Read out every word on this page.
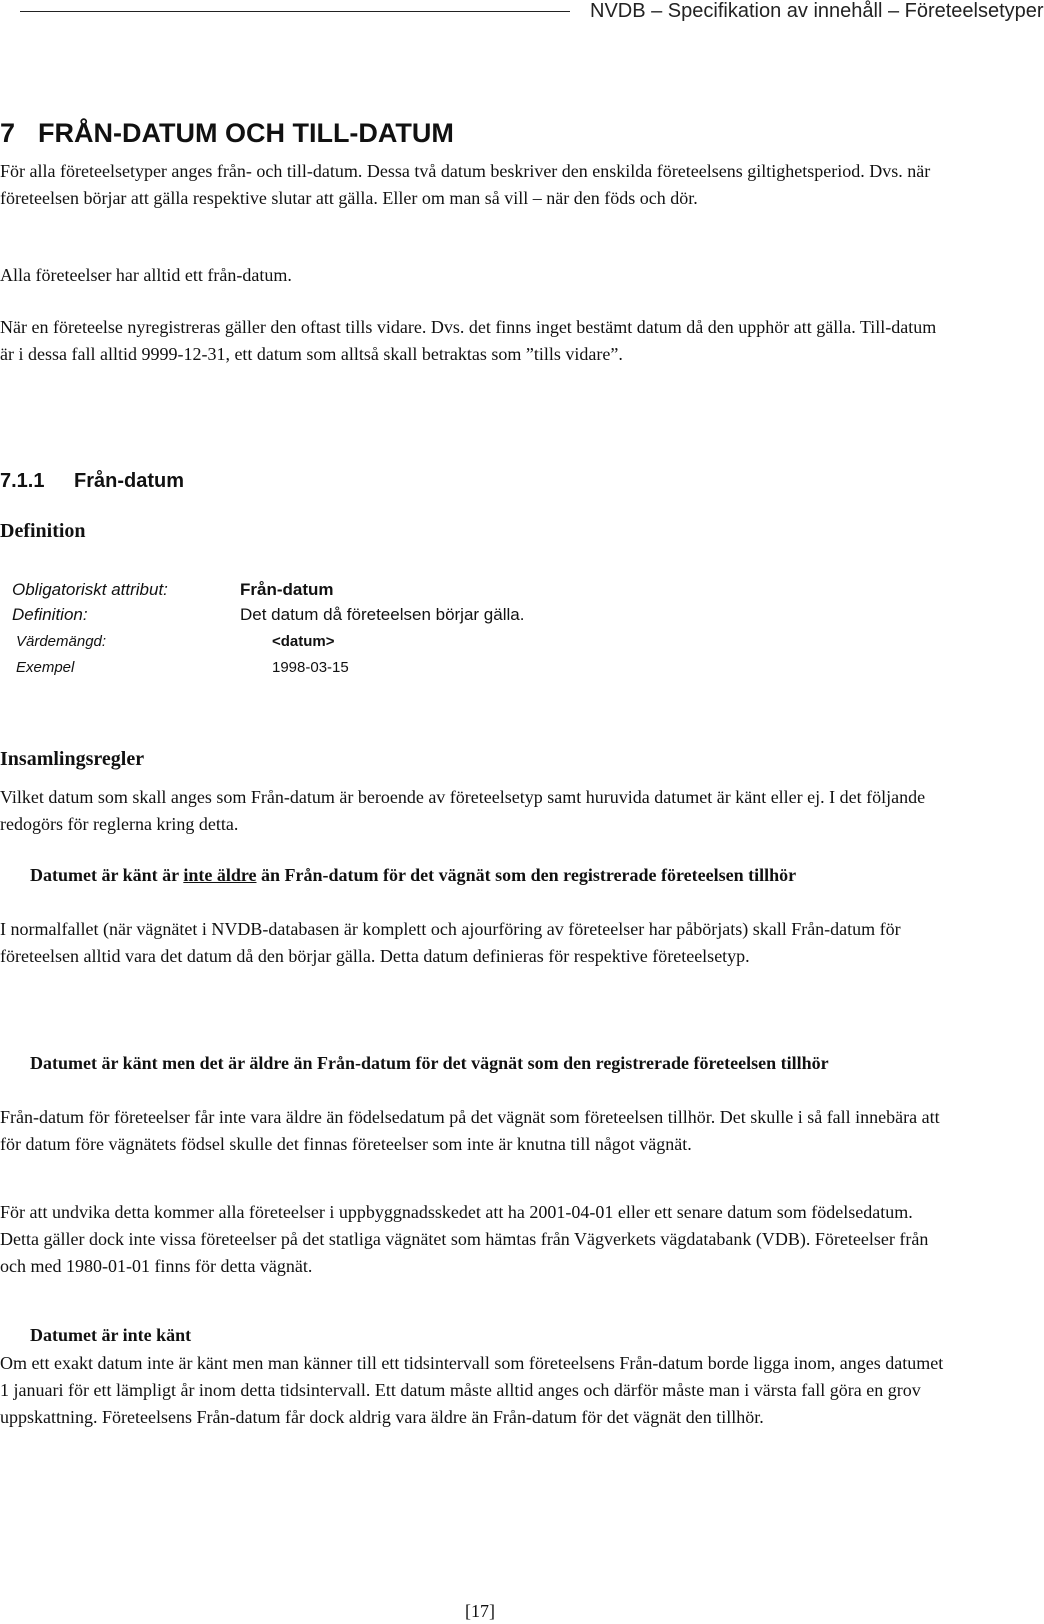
NVDB – Specifikation av innehåll – Företeelsetyper
7 FRÅN-DATUM OCH TILL-DATUM

För alla företeelsetyper anges från- och till-datum. Dessa två datum beskriver den enskilda företeelsens giltighetsperiod. Dvs. när företeelsen börjar att gälla respektive slutar att gälla. Eller om man så vill – när den föds och dör.

Alla företeelser har alltid ett från-datum.

När en företeelse nyregistreras gäller den oftast tills vidare. Dvs. det finns inget bestämt datum då den upphör att gälla. Till-datum är i dessa fall alltid 9999-12-31, ett datum som alltså skall betraktas som ”tills vidare”.

7.1.1 Från-datum
Definition
Obligatoriskt attribut:	Från-datum
Definition:	Det datum då företeelsen börjar gälla.
Värdemängd:	<datum>
Exempel	1998-03-15
Insamlingsregler

Vilket datum som skall anges som Från-datum är beroende av företeelsetyp samt huruvida datumet är känt eller ej. I det följande redogörs för reglerna kring detta.

Datumet är känt är inte äldre än Från-datum för det vägnät som den registrerade företeelsen tillhör

I normalfallet (när vägnätet i NVDB-databasen är komplett och ajourföring av företeelser har påbörjats) skall Från-datum för företeelsen alltid vara det datum då den börjar gälla. Detta datum definieras för respektive företeelsetyp.

Datumet är känt men det är äldre än Från-datum för det vägnät som den registrerade företeelsen tillhör

Från-datum för företeelser får inte vara äldre än födelsedatum på det vägnät som företeelsen tillhör. Det skulle i så fall innebära att för datum före vägnätets födsel skulle det finnas företeelser som inte är knutna till något vägnät.

För att undvika detta kommer alla företeelser i uppbyggnadsskedet att ha 2001-04-01 eller ett senare datum som födelsedatum. Detta gäller dock inte vissa företeelser på det statliga vägnätet som hämtas från Vägverkets vägdatabank (VDB). Företeelser från och med 1980-01-01 finns för detta vägnät.

Datumet är inte känt

Om ett exakt datum inte är känt men man känner till ett tidsintervall som företeelsens Från-datum borde ligga inom, anges datumet 1 januari för ett lämpligt år inom detta tidsintervall. Ett datum måste alltid anges och därför måste man i värsta fall göra en grov uppskattning. Företeelsens Från-datum får dock aldrig vara äldre än Från-datum för det vägnät den tillhör.

[17]
